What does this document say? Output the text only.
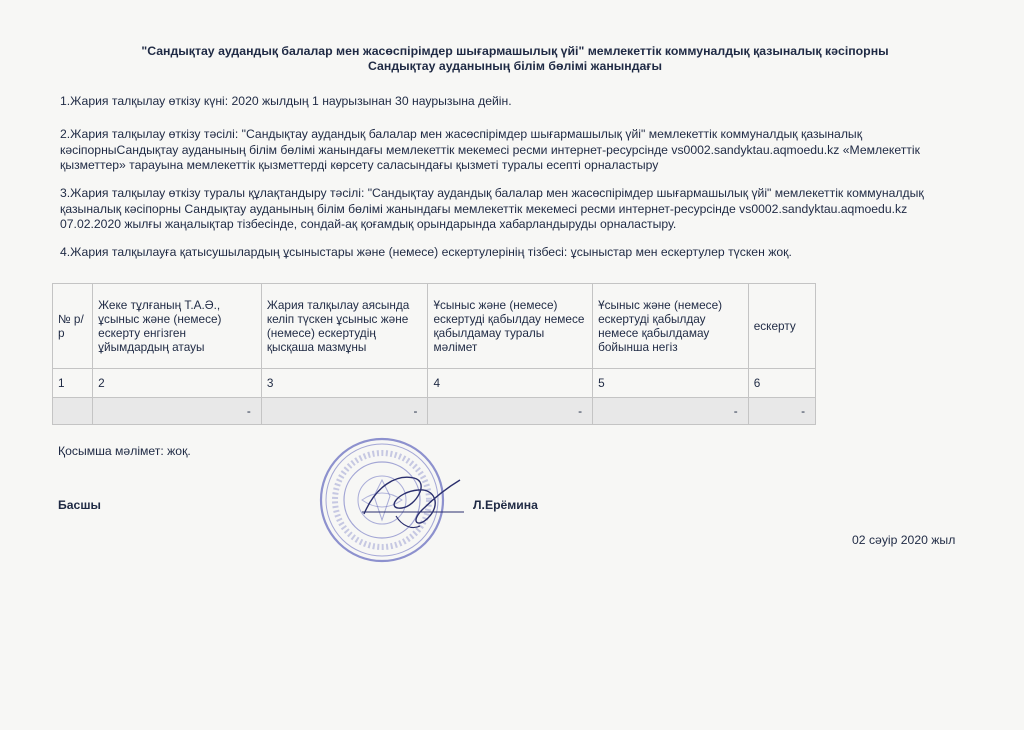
"Сандықтау аудандық балалар мен жасөспірімдер шығармашылық үйі" мемлекеттік коммуналдық қазыналық кәсіпорны
Сандықтау ауданының білім бөлімі жанындағы
1.Жария талқылау өткізу күні: 2020 жылдың 1 наурызынан 30 наурызына дейін.
2.Жария талқылау өткізу тәсілі: "Сандықтау аудандық балалар мен жасөспірімдер шығармашылық үйі" мемлекеттік коммуналдық қазыналық кәсіпорныСандықтау ауданының білім бөлімі жанындағы мемлекеттік мекемесі ресми интернет-ресурсінде vs0002.sandyktau.aqmoedu.kz «Мемлекеттік қызметтер» тарауына мемлекеттік қызметтерді көрсету саласындағы қызметі туралы есепті орналастыру
3.Жария талқылау өткізу туралы құлақтандыру тәсілі: "Сандықтау аудандық балалар мен жасөспірімдер шығармашылық үйі" мемлекеттік коммуналдық қазыналық кәсіпорны Сандықтау ауданының білім бөлімі жанындағы мемлекеттік мекемесі ресми интернет-ресурсінде vs0002.sandyktau.aqmoedu.kz 07.02.2020 жылғы жаңалықтар тізбесінде, сондай-ақ қоғамдық орындарында хабарландыруды орналастыру.
4.Жария талқылауға қатысушылардың ұсыныстары және (немесе) ескертулерінің тізбесі: ұсыныстар мен ескертулер түскен жоқ.
№ р/р	Жеке тұлғаның Т.А.Ә., ұсыныс және (немесе) ескерту енгізген ұйымдардың атауы	Жария талқылау аясында келіп түскен ұсыныс және (немесе) ескертудің қысқаша мазмұны	Ұсыныс және (немесе) ескертуді қабылдау немесе қабылдамау туралы мәлімет	Ұсыныс және (немесе) ескертуді қабылдау немесе қабылдамау бойынша негіз	ескерту
1	2	3	4	5	6
	-	-	-	-	-
Қосымша мәлімет: жоқ.
Басшы	Л.Ерёмина
02 сәуір 2020 жыл
